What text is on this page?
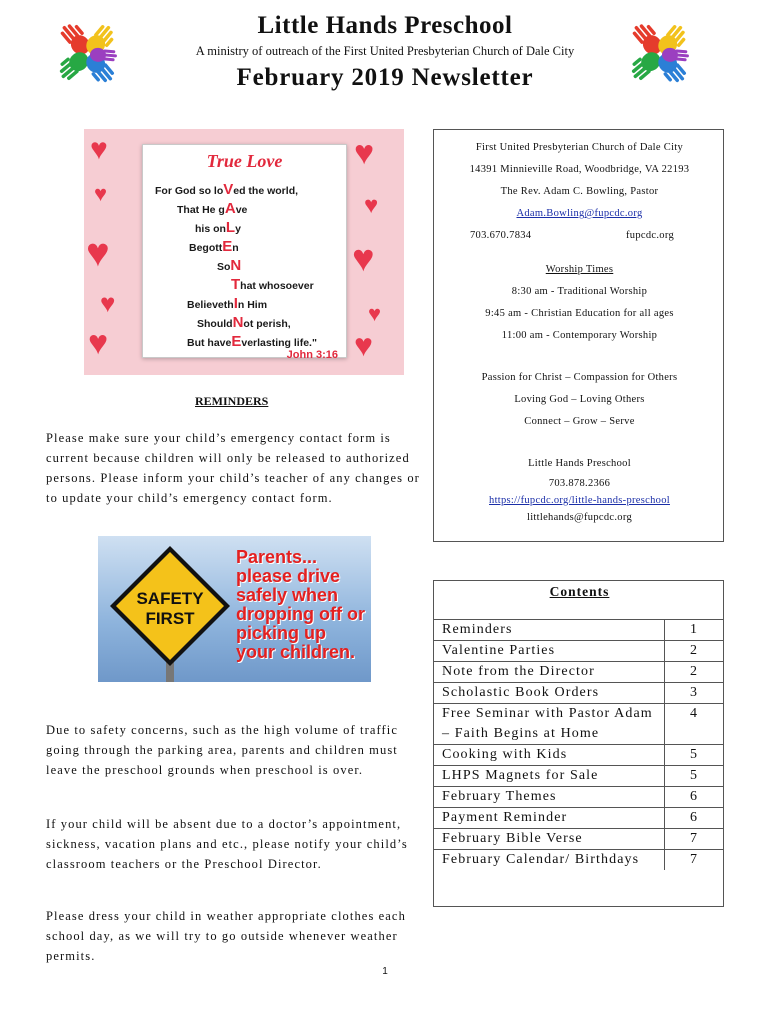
Little Hands Preschool
A ministry of outreach of the First United Presbyterian Church of Dale City
February 2019 Newsletter
♥
♥
♥
♥
♥
♥
♥
♥
♥
♥
True Love
For God so loVed the world,
That He gAve
his onLy
BegottEn
SoN
That whosoever
BelievethIn Him
ShouldNot perish,
But haveEverlasting life."
John 3:16
REMINDERS
Please make sure your child’s emergency contact form is current because children will only be released to authorized persons. Please inform your child’s teacher of any changes or to update your child’s emergency contact form.
SAFETY
FIRST
Parents... please drive safely when dropping off or picking up your children.
Due to safety concerns, such as the high volume of traffic going through the parking area, parents and children must leave the preschool grounds when preschool is over.
If your child will be absent due to a doctor’s appointment, sickness, vacation plans and etc., please notify your child’s classroom teachers or the Preschool Director.
Please dress your child in weather appropriate clothes each school day, as we will try to go outside whenever weather permits.
First United Presbyterian Church of Dale City
14391 Minnieville Road, Woodbridge, VA 22193
The Rev. Adam C. Bowling, Pastor
Adam.Bowling@fupcdc.org
703.670.7834	fupcdc.org
Worship Times
8:30 am - Traditional Worship
9:45 am - Christian Education for all ages
11:00 am - Contemporary Worship
Passion for Christ – Compassion for Others
Loving God – Loving Others
Connect – Grow – Serve
Little Hands Preschool
703.878.2366
https://fupcdc.org/little-hands-preschool
littlehands@fupcdc.org
Contents
Reminders	1
Valentine Parties	2
Note from the Director	2
Scholastic Book Orders	3
Free Seminar with Pastor Adam – Faith Begins at Home	4
Cooking with Kids	5
LHPS Magnets for Sale	5
February Themes	6
Payment Reminder	6
February Bible Verse	7
February Calendar/ Birthdays	7
1
